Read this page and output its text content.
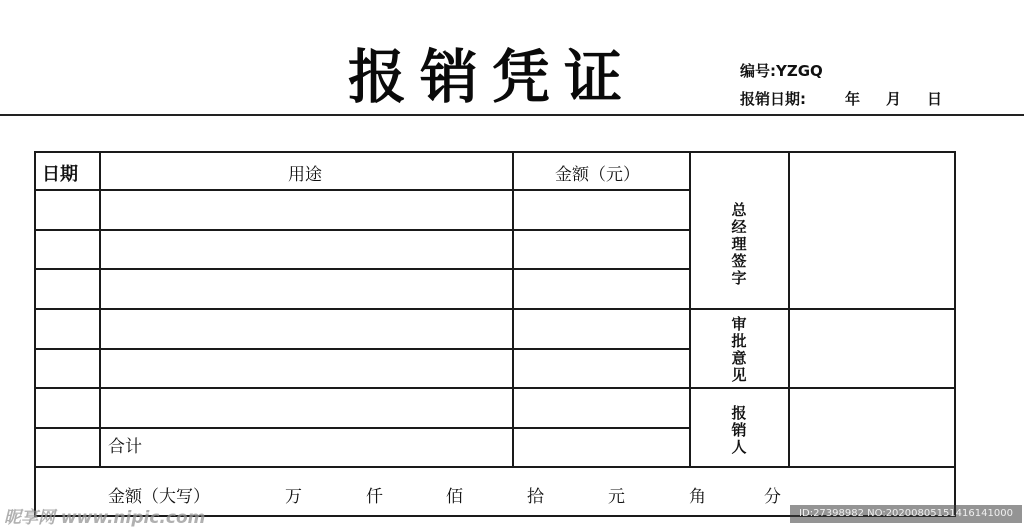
报销凭证	编号:YZGQ
报销日期:	年 月 日
日期	用途	金额（元）
总经理签字
审批意见
报销人
合计
金额（大写）	万	仟	佰	拾	元	角	分
昵享网 www.nipic.com	ID:27398982 NO:20200805151416141000
